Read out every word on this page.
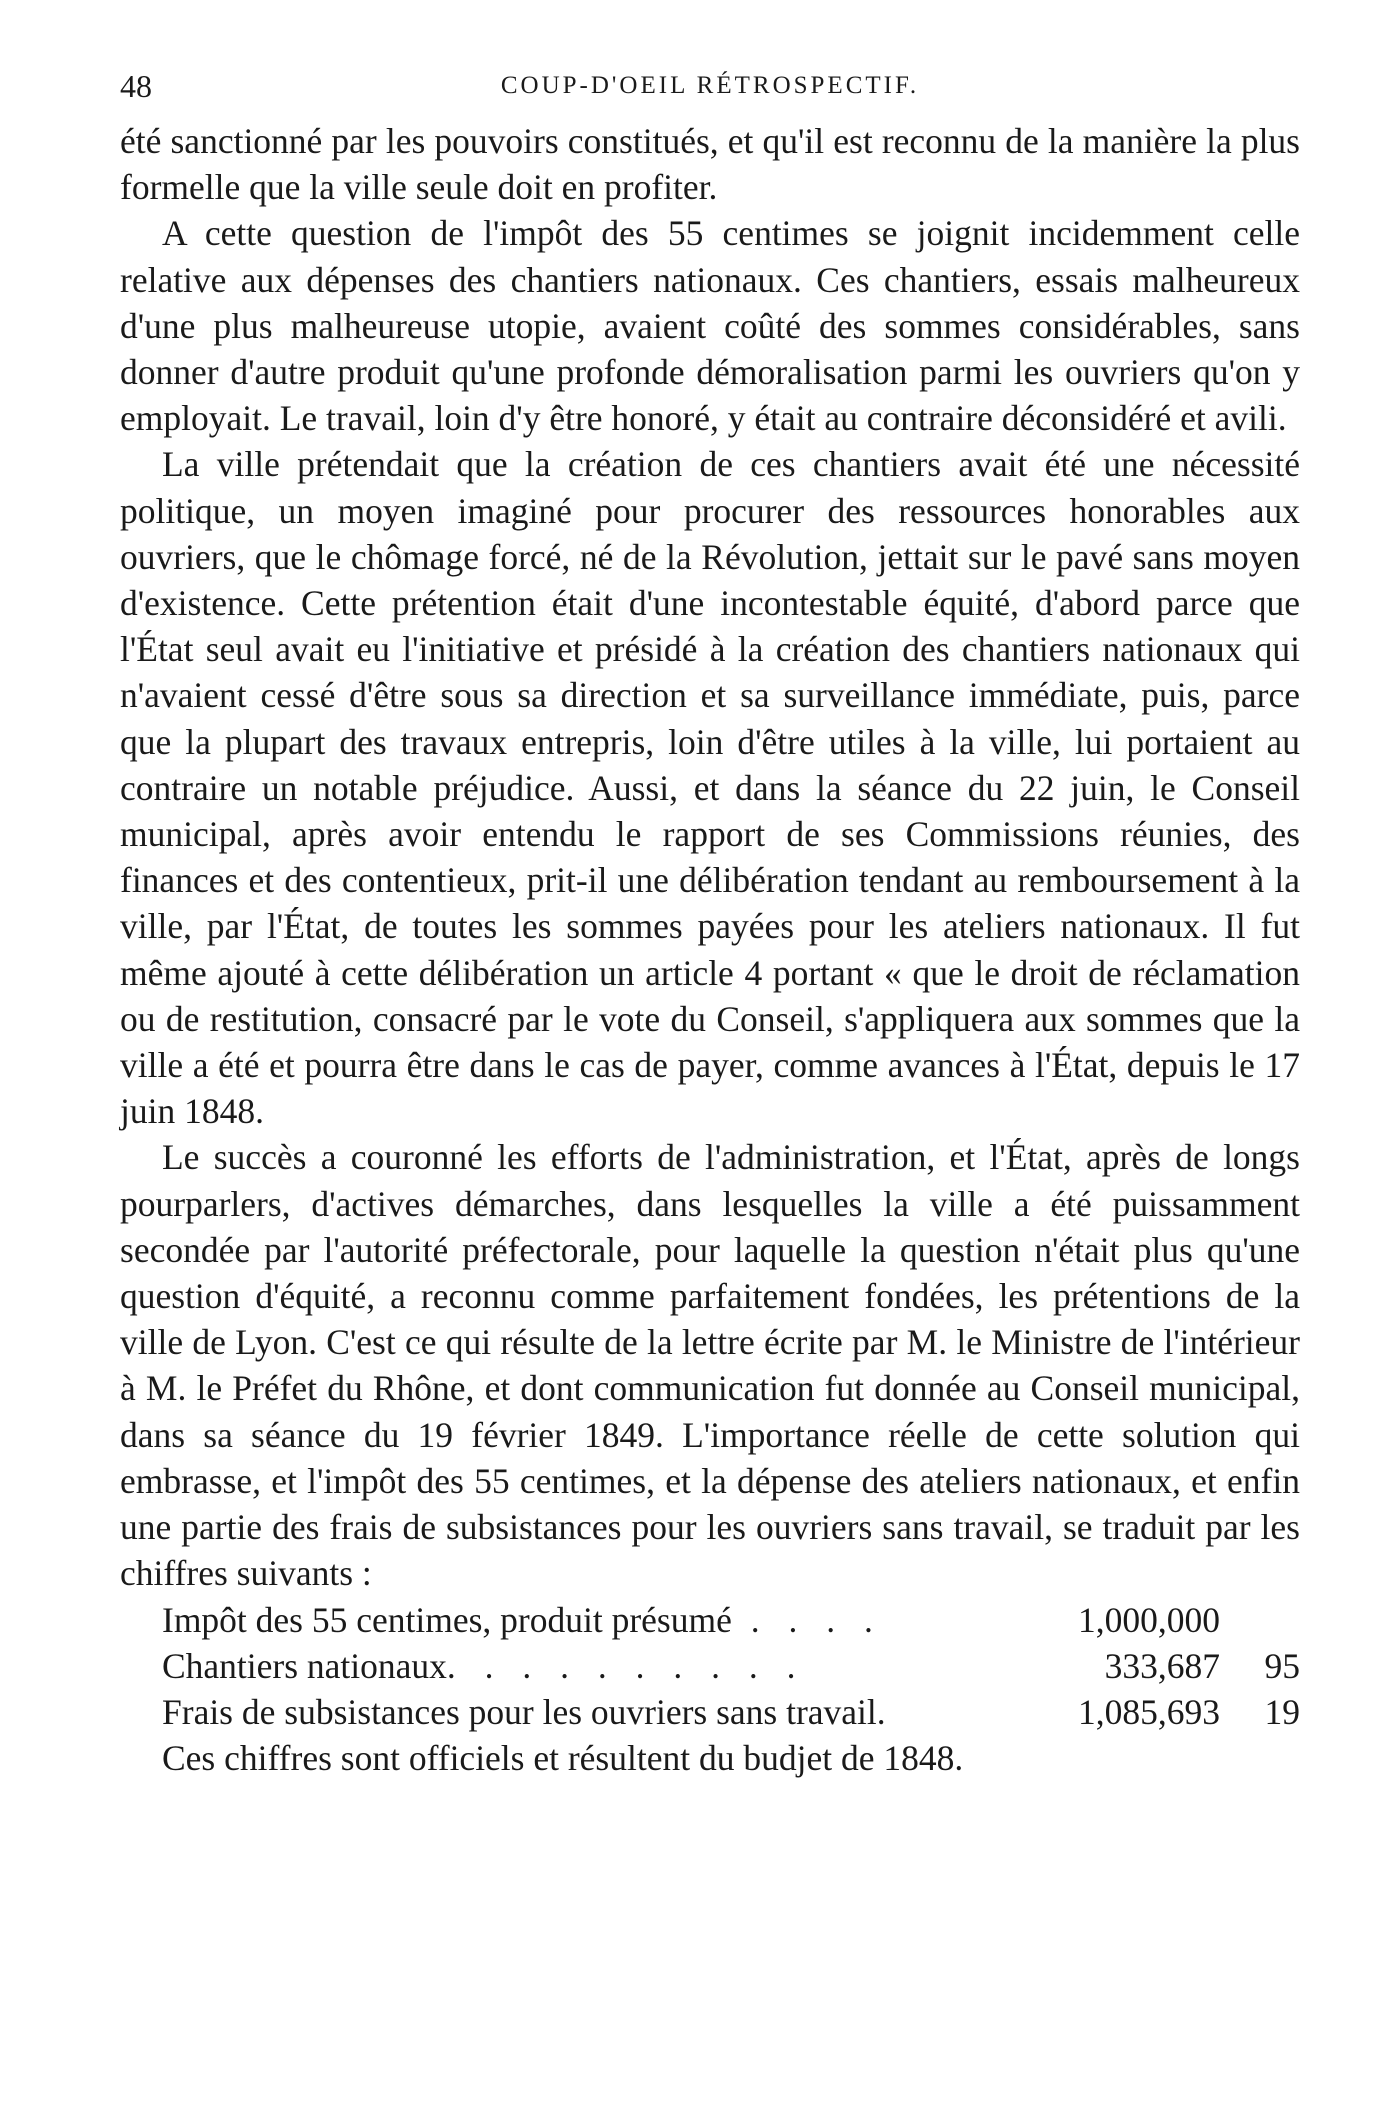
48	COUP-D'OEIL RÉTROSPECTIF.

été sanctionné par les pouvoirs constitués, et qu'il est reconnu de la manière la plus formelle que la ville seule doit en profiter.

A cette question de l'impôt des 55 centimes se joignit incidemment celle relative aux dépenses des chantiers nationaux. Ces chantiers, essais malheureux d'une plus malheureuse utopie, avaient coûté des sommes considérables, sans donner d'autre produit qu'une profonde démoralisation parmi les ouvriers qu'on y employait. Le travail, loin d'y être honoré, y était au contraire déconsidéré et avili.

La ville prétendait que la création de ces chantiers avait été une nécessité politique, un moyen imaginé pour procurer des ressources honorables aux ouvriers, que le chômage forcé, né de la Révolution, jettait sur le pavé sans moyen d'existence. Cette prétention était d'une incontestable équité, d'abord parce que l'État seul avait eu l'initiative et présidé à la création des chantiers nationaux qui n'avaient cessé d'être sous sa direction et sa surveillance immédiate, puis, parce que la plupart des travaux entrepris, loin d'être utiles à la ville, lui portaient au contraire un notable préjudice. Aussi, et dans la séance du 22 juin, le Conseil municipal, après avoir entendu le rapport de ses Commissions réunies, des finances et des contentieux, prit-il une délibération tendant au remboursement à la ville, par l'État, de toutes les sommes payées pour les ateliers nationaux. Il fut même ajouté à cette délibération un article 4 portant « que le droit de réclamation ou de restitution, consacré par le vote du Conseil, s'appliquera aux sommes que la ville a été et pourra être dans le cas de payer, comme avances à l'État, depuis le 17 juin 1848.

Le succès a couronné les efforts de l'administration, et l'État, après de longs pourparlers, d'actives démarches, dans lesquelles la ville a été puissamment secondée par l'autorité préfectorale, pour laquelle la question n'était plus qu'une question d'équité, a reconnu comme parfaitement fondées, les prétentions de la ville de Lyon. C'est ce qui résulte de la lettre écrite par M. le Ministre de l'intérieur à M. le Préfet du Rhône, et dont communication fut donnée au Conseil municipal, dans sa séance du 19 février 1849. L'importance réelle de cette solution qui embrasse, et l'impôt des 55 centimes, et la dépense des ateliers nationaux, et enfin une partie des frais de subsistances pour les ouvriers sans travail, se traduit par les chiffres suivants :

Impôt des 55 centimes, produit présumé . . . .	1,000,000
Chantiers nationaux. . . . . . . . . .	333,687	95
Frais de subsistances pour les ouvriers sans travail.	1,085,693	19

Ces chiffres sont officiels et résultent du budjet de 1848.
